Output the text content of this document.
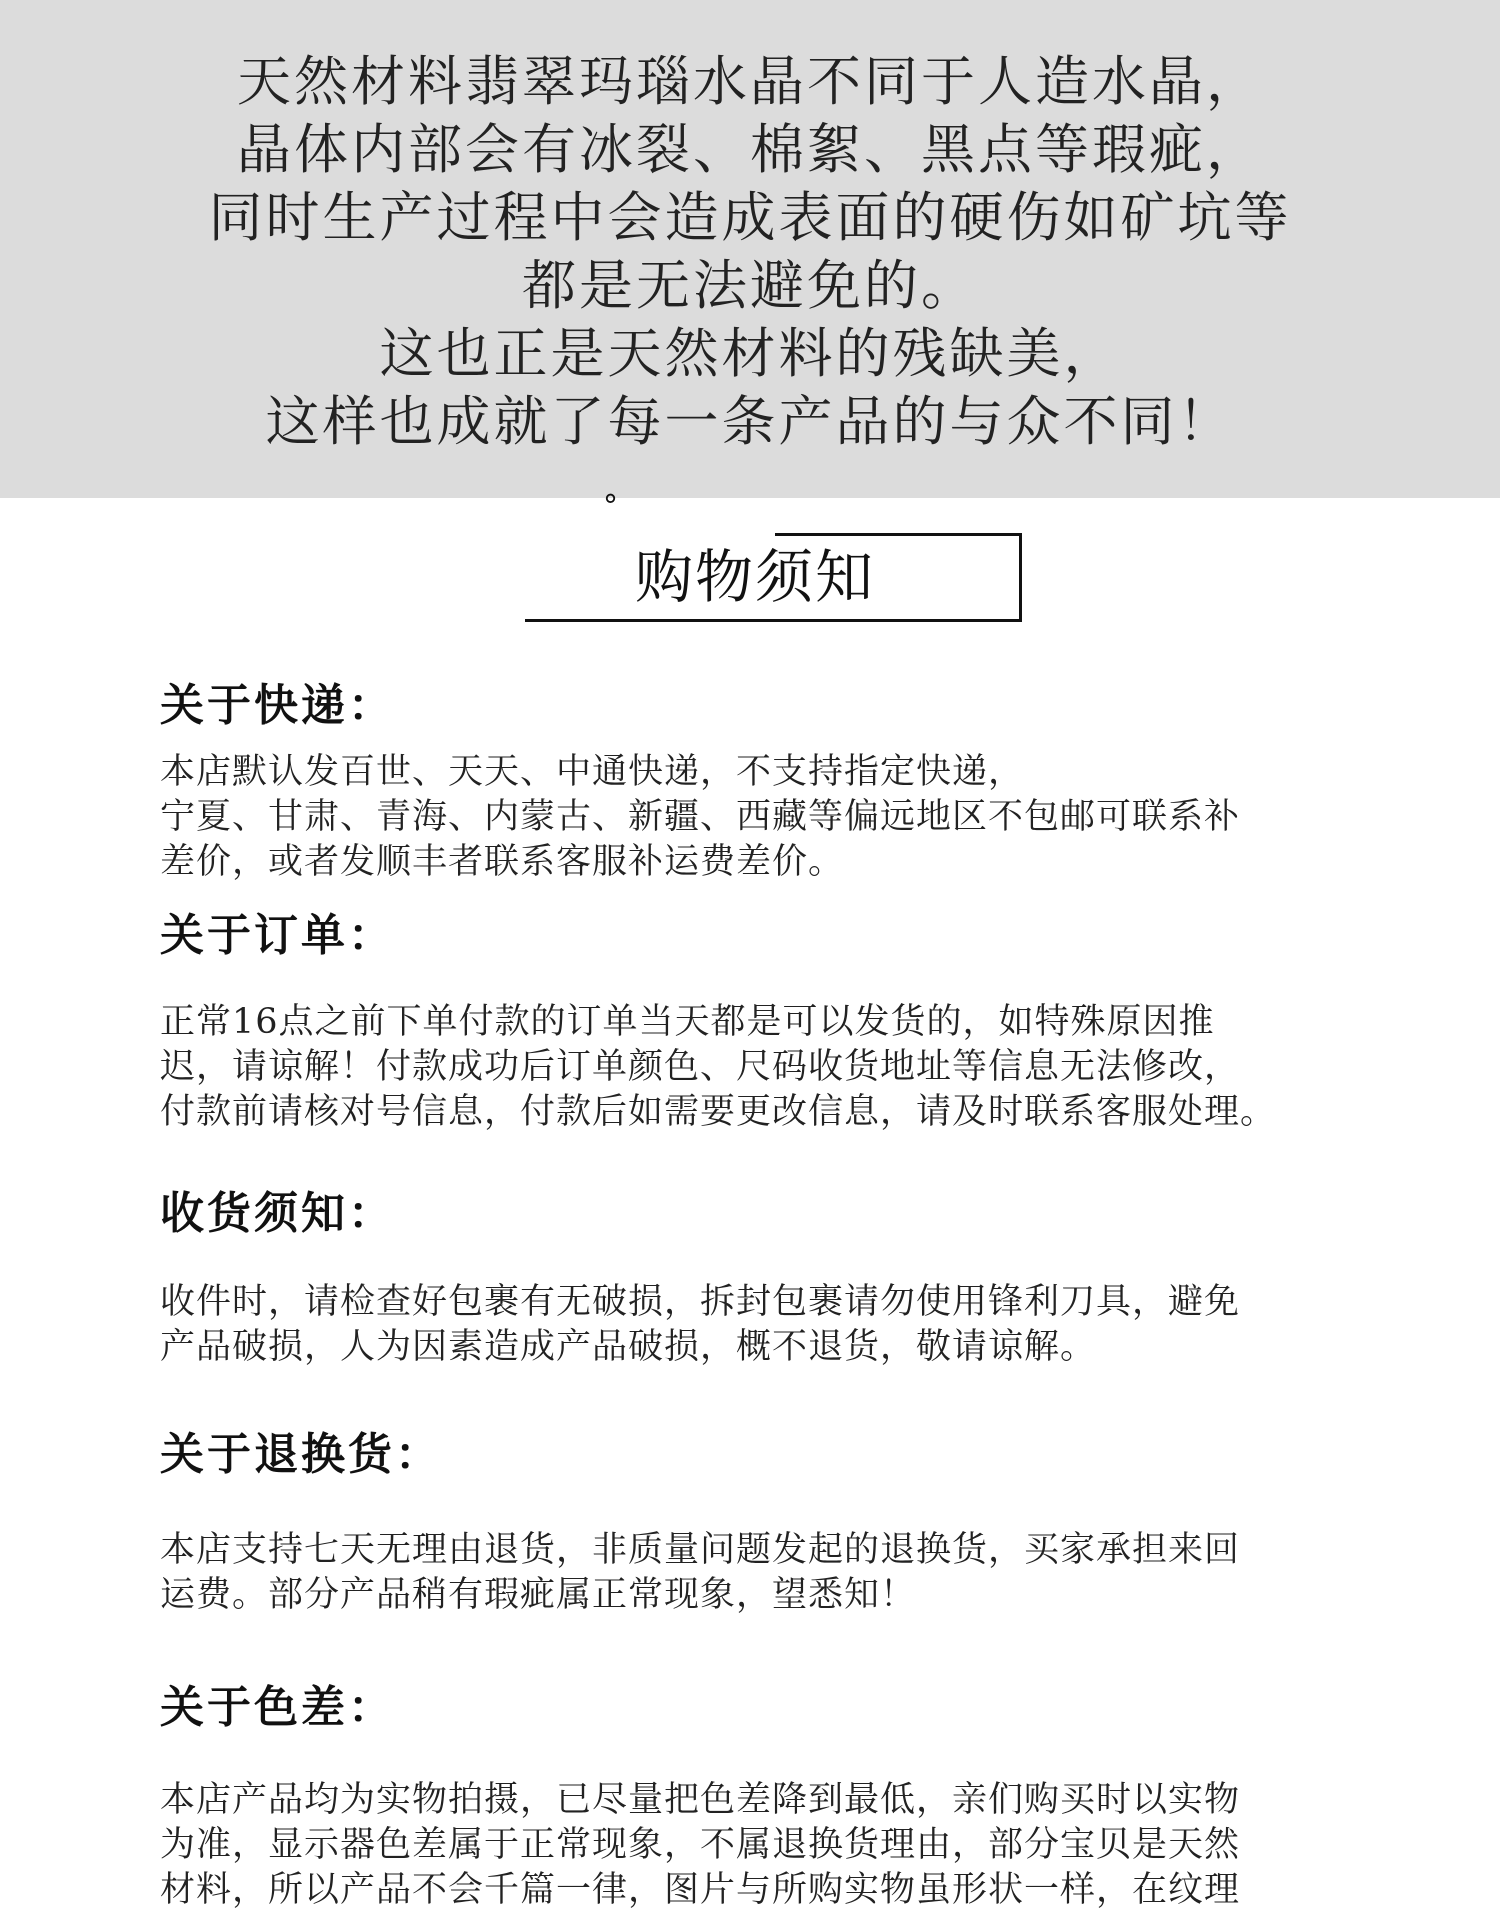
天然材料翡翠玛瑙水晶不同于人造水晶，
晶体内部会有冰裂、棉絮、黑点等瑕疵，
同时生产过程中会造成表面的硬伤如矿坑等
都是无法避免的。
这也正是天然材料的残缺美，
这样也成就了每一条产品的与众不同！
°
购物须知
关于快递：
本店默认发百世、天天、中通快递，不支持指定快递，
宁夏、甘肃、青海、内蒙古、新疆、西藏等偏远地区不包邮可联系补
差价，或者发顺丰者联系客服补运费差价。
关于订单：
正常16点之前下单付款的订单当天都是可以发货的，如特殊原因推
迟，请谅解！付款成功后订单颜色、尺码收货地址等信息无法修改，
付款前请核对号信息，付款后如需要更改信息，请及时联系客服处理。
收货须知：
收件时，请检查好包裹有无破损，拆封包裹请勿使用锋利刀具，避免
产品破损，人为因素造成产品破损，概不退货，敬请谅解。
关于退换货：
本店支持七天无理由退货，非质量问题发起的退换货，买家承担来回
运费。部分产品稍有瑕疵属正常现象，望悉知！
关于色差：
本店产品均为实物拍摄，已尽量把色差降到最低，亲们购买时以实物
为准，显示器色差属于正常现象，不属退换货理由，部分宝贝是天然
材料，所以产品不会千篇一律，图片与所购实物虽形状一样，在纹理
